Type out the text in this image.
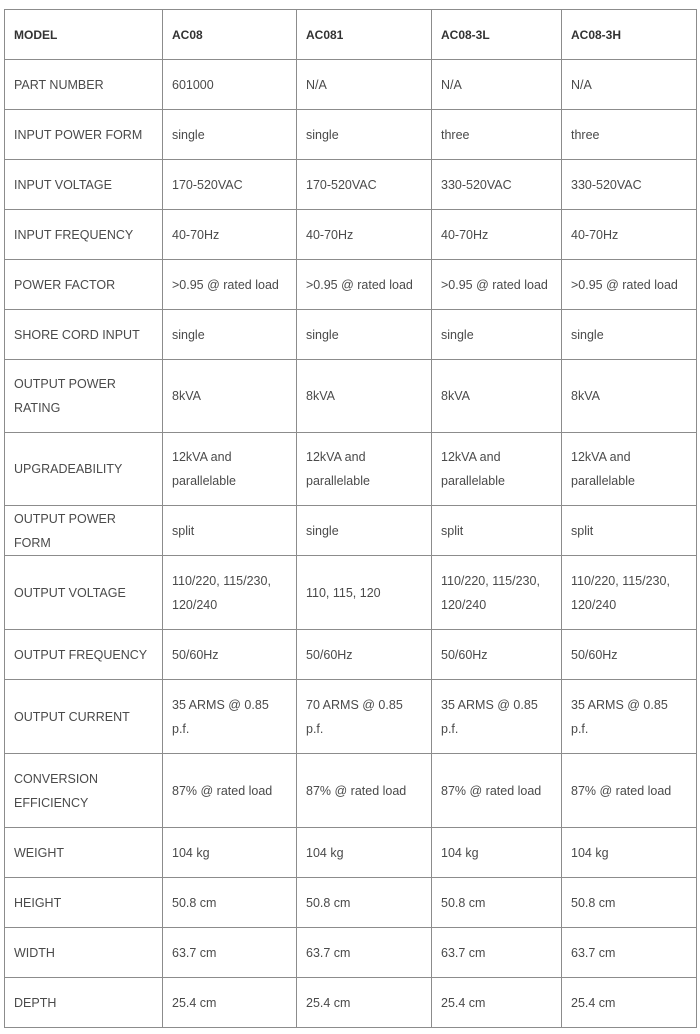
MODEL	AC08	AC081	AC08-3L	AC08-3H
PART NUMBER	601000	N/A	N/A	N/A
INPUT POWER FORM	single	single	three	three
INPUT VOLTAGE	170-520VAC	170-520VAC	330-520VAC	330-520VAC
INPUT FREQUENCY	40-70Hz	40-70Hz	40-70Hz	40-70Hz
POWER FACTOR	>0.95 @ rated load	>0.95 @ rated load	>0.95 @ rated load	>0.95 @ rated load
SHORE CORD INPUT	single	single	single	single
OUTPUT POWER RATING	8kVA	8kVA	8kVA	8kVA
UPGRADEABILITY	12kVA and parallelable	12kVA and parallelable	12kVA and parallelable	12kVA and parallelable
OUTPUT POWER FORM	split	single	split	split
OUTPUT VOLTAGE	110/220, 115/230, 120/240	110, 115, 120	110/220, 115/230, 120/240	110/220, 115/230, 120/240
OUTPUT FREQUENCY	50/60Hz	50/60Hz	50/60Hz	50/60Hz
OUTPUT CURRENT	35 ARMS @ 0.85 p.f.	70 ARMS @ 0.85 p.f.	35 ARMS @ 0.85 p.f.	35 ARMS @ 0.85 p.f.
CONVERSION EFFICIENCY	87% @ rated load	87% @ rated load	87% @ rated load	87% @ rated load
WEIGHT	104 kg	104 kg	104 kg	104 kg
HEIGHT	50.8 cm	50.8 cm	50.8 cm	50.8 cm
WIDTH	63.7 cm	63.7 cm	63.7 cm	63.7 cm
DEPTH	25.4 cm	25.4 cm	25.4 cm	25.4 cm
